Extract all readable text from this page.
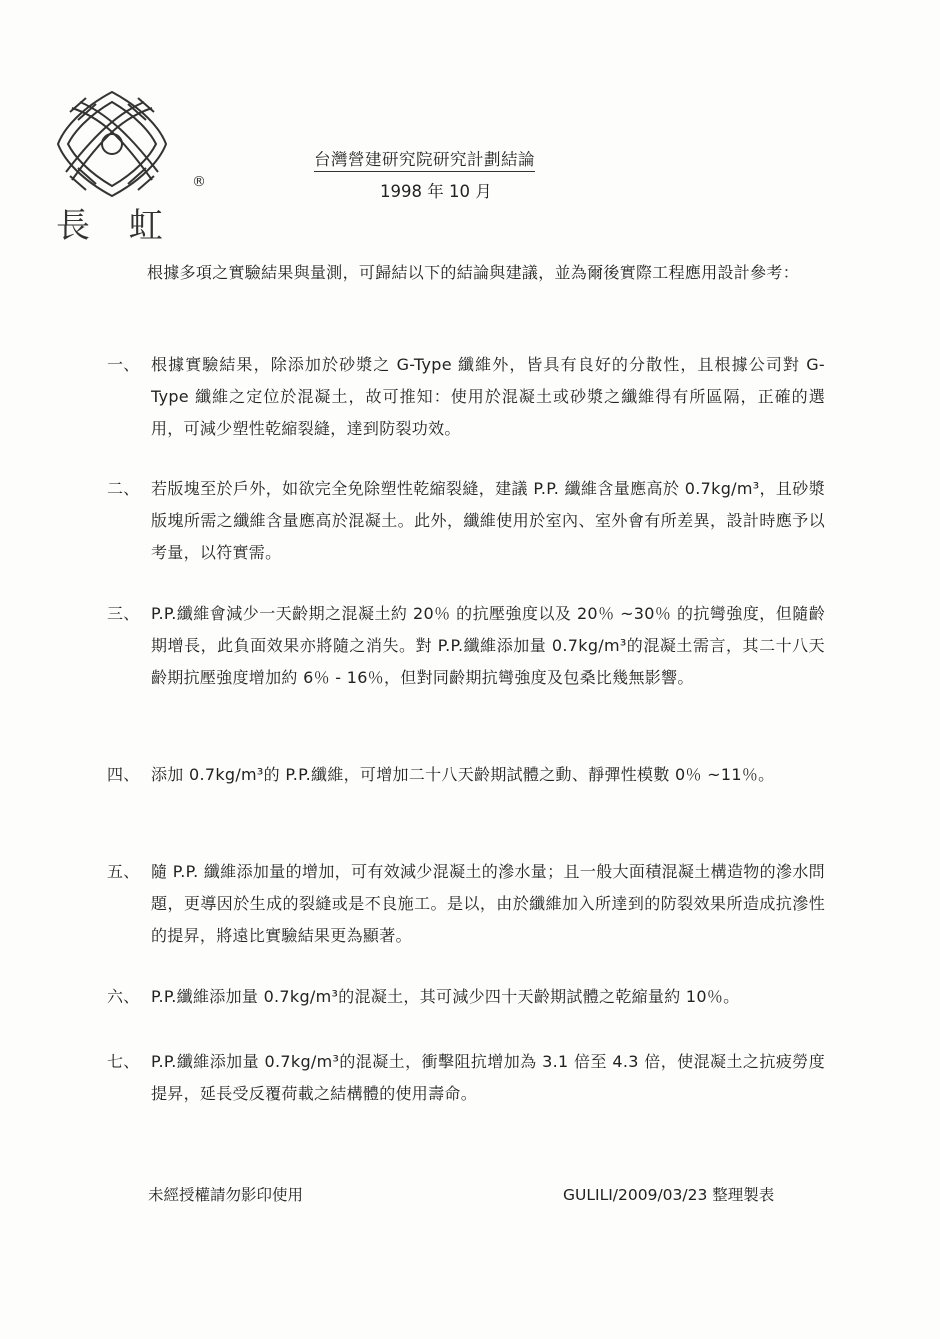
®
長 虹
台灣營建研究院研究計劃結論
1998 年 10 月

根據多項之實驗結果與量測，可歸結以下的結論與建議，並為爾後實際工程應用設計參考：

一、 根據實驗結果，除添加於砂漿之 G-Type 纖維外，皆具有良好的分散性，且根據公司對 G-Type 纖維之定位於混凝土，故可推知：使用於混凝土或砂漿之纖維得有所區隔，正確的選用，可減少塑性乾縮裂縫，達到防裂功效。
二、 若版塊至於戶外，如欲完全免除塑性乾縮裂縫，建議 P.P. 纖維含量應高於 0.7kg/m³，且砂漿版塊所需之纖維含量應高於混凝土。此外，纖維使用於室內、室外會有所差異，設計時應予以考量，以符實需。
三、 P.P.纖維會減少一天齡期之混凝土約 20％ 的抗壓強度以及 20％ ~30％ 的抗彎強度，但隨齡期增長，此負面效果亦將隨之消失。對 P.P.纖維添加量 0.7kg/m³的混凝土需言，其二十八天齡期抗壓強度增加約 6％ - 16％，但對同齡期抗彎強度及包桑比幾無影響。
四、 添加 0.7kg/m³的 P.P.纖維，可增加二十八天齡期試體之動、靜彈性模數 0％ ~11％。
五、 隨 P.P. 纖維添加量的增加，可有效減少混凝土的滲水量；且一般大面積混凝土構造物的滲水問題，更導因於生成的裂縫或是不良施工。是以，由於纖維加入所達到的防裂效果所造成抗滲性的提昇，將遠比實驗結果更為顯著。
六、 P.P.纖維添加量 0.7kg/m³的混凝土，其可減少四十天齡期試體之乾縮量約 10％。
七、 P.P.纖維添加量 0.7kg/m³的混凝土，衝擊阻抗增加為 3.1 倍至 4.3 倍，使混凝土之抗疲勞度提昇，延長受反覆荷載之結構體的使用壽命。
未經授權請勿影印使用	GULILI/2009/03/23 整理製表
